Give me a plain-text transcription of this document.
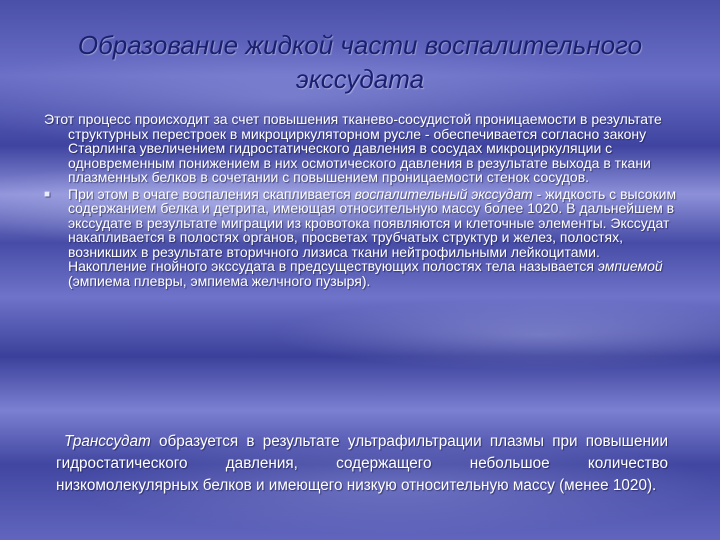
Образование жидкой части воспалительного
экссудата

Этот процесс происходит за счет повышения тканево-сосудистой проницаемости в результате структурных перестроек в микроциркуляторном русле - обеспечивается согласно закону Старлинга увеличением гидростатического давления в сосудах микроциркуляции с одновременным понижением в них осмотического давления в результате выхода в ткани плазменных белков в сочетании с повышением проницаемости стенок сосудов.

■ При этом в очаге воспаления скапливается воспалительный экссудат - жидкость с высоким содержанием белка и детрита, имеющая относительную массу более 1020. В дальнейшем в экссудате в результате миграции из кровотока появляются и клеточные элементы. Экссудат накапливается в полостях органов, просветах трубчатых структур и желез, полостях, возникших в результате вторичного лизиса ткани нейтрофильными лейкоцитами. Накопление гнойного экссудата в предсуществующих полостях тела называется эмпиемой (эмпиема плевры, эмпиема желчного пузыря).

Транссудат образуется в результате ультрафильтрации плазмы при повышении гидростатического давления, содержащего небольшое количество низкомолекулярных белков и имеющего низкую относительную массу (менее 1020).
